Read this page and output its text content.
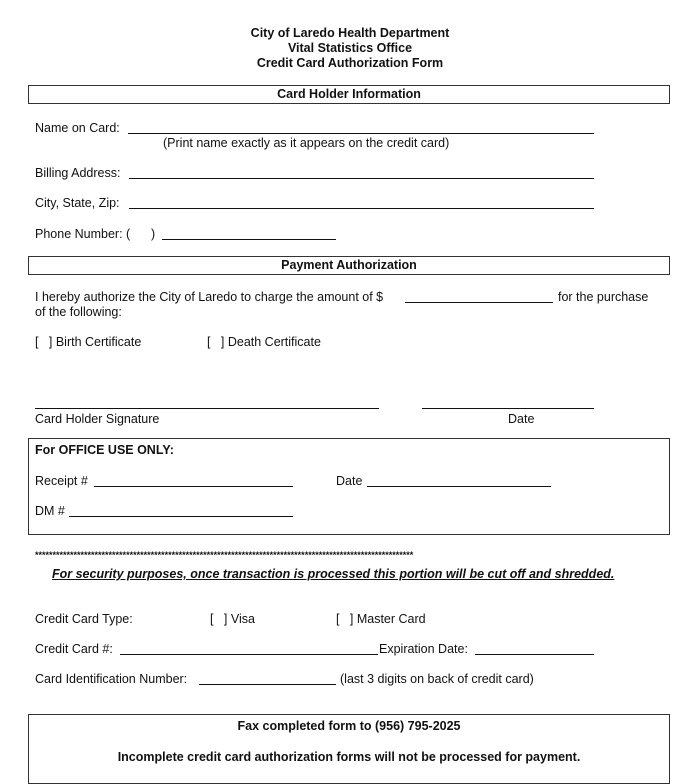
City of Laredo Health Department
Vital Statistics Office
Credit Card Authorization Form
Card Holder Information
Name on Card:
(Print name exactly as it appears on the credit card)
Billing Address:
City, State, Zip:
Phone Number: (      )
Payment Authorization
I hereby authorize the City of Laredo to charge the amount of $	for the purchase
of the following:
[   ] Birth Certificate	[   ] Death Certificate
Card Holder Signature	Date
For OFFICE USE ONLY:
Receipt #	Date
DM #
************************************************************************************************************
For security purposes, once transaction is processed this portion will be cut off and shredded.
Credit Card Type:	[   ] Visa	[   ] Master Card
Credit Card #:	Expiration Date:
Card Identification Number:	(last 3 digits on back of credit card)
Fax completed form to (956) 795-2025
Incomplete credit card authorization forms will not be processed for payment.
